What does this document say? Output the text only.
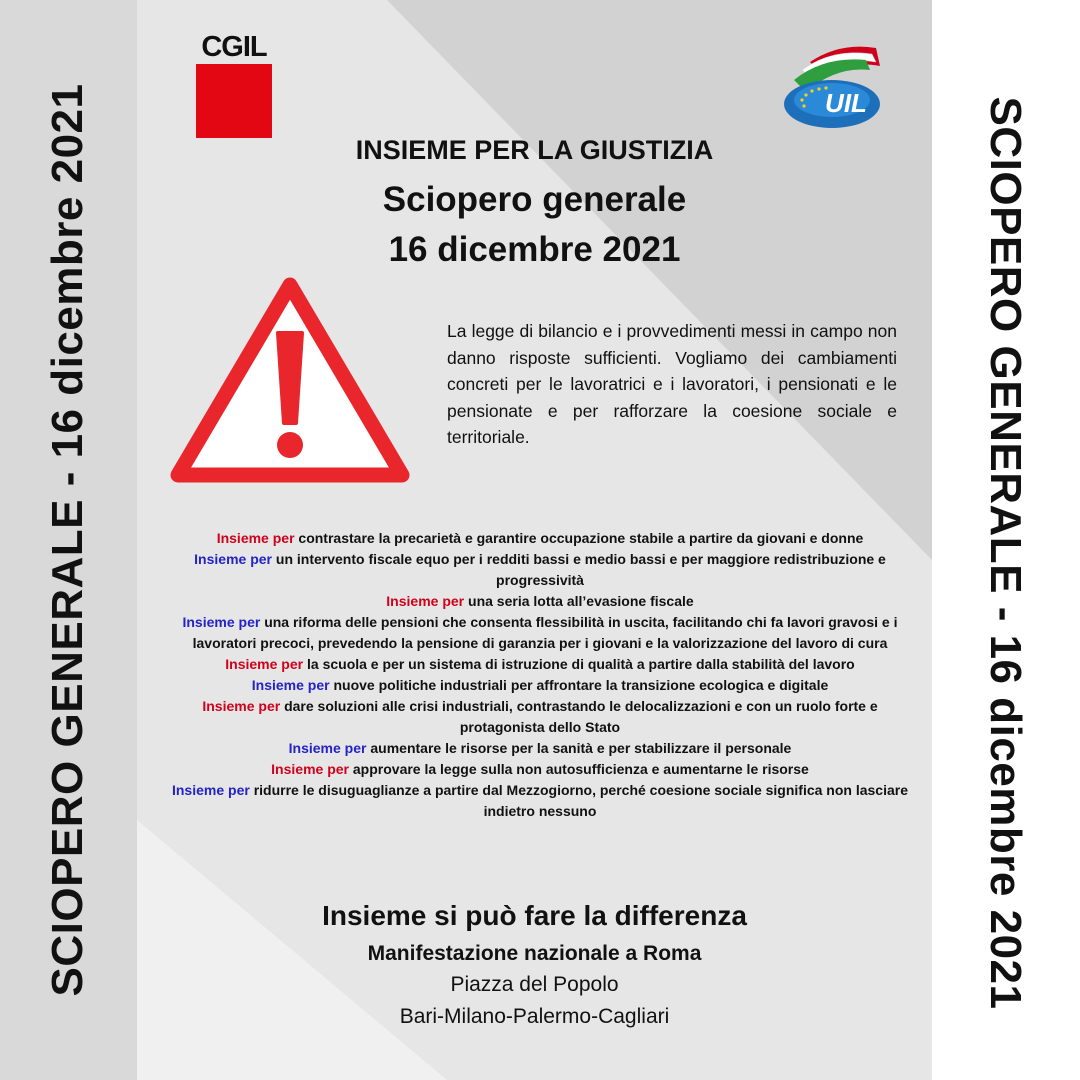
SCIOPERO GENERALE - 16 dicembre 2021	SCIOPERO GENERALE - 16 dicembre 2021
CGIL
UIL
INSIEME PER LA GIUSTIZIA
Sciopero generale
16 dicembre 2021
La legge di bilancio e i provvedimenti messi in campo non danno risposte sufficienti. Vogliamo dei cambiamenti concreti per le lavoratrici e i lavoratori, i pensionati e le pensionate e per rafforzare la coesione sociale e territoriale.
Insieme per contrastare la precarietà e garantire occupazione stabile a partire da giovani e donne
Insieme per un intervento fiscale equo per i redditi bassi e medio bassi e per maggiore redistribuzione e progressività
Insieme per una seria lotta all’evasione fiscale
Insieme per una riforma delle pensioni che consenta flessibilità in uscita, facilitando chi fa lavori gravosi e i lavoratori precoci, prevedendo la pensione di garanzia per i giovani e la valorizzazione del lavoro di cura
Insieme per la scuola e per un sistema di istruzione di qualità a partire dalla stabilità del lavoro
Insieme per nuove politiche industriali per affrontare la transizione ecologica e digitale
Insieme per dare soluzioni alle crisi industriali, contrastando le delocalizzazioni e con un ruolo forte e protagonista dello Stato
Insieme per aumentare le risorse per la sanità e per stabilizzare il personale
Insieme per approvare la legge sulla non autosufficienza e aumentarne le risorse
Insieme per ridurre le disuguaglianze a partire dal Mezzogiorno, perché coesione sociale significa non lasciare indietro nessuno
Insieme si può fare la differenza
Manifestazione nazionale a Roma
Piazza del Popolo
Bari-Milano-Palermo-Cagliari
